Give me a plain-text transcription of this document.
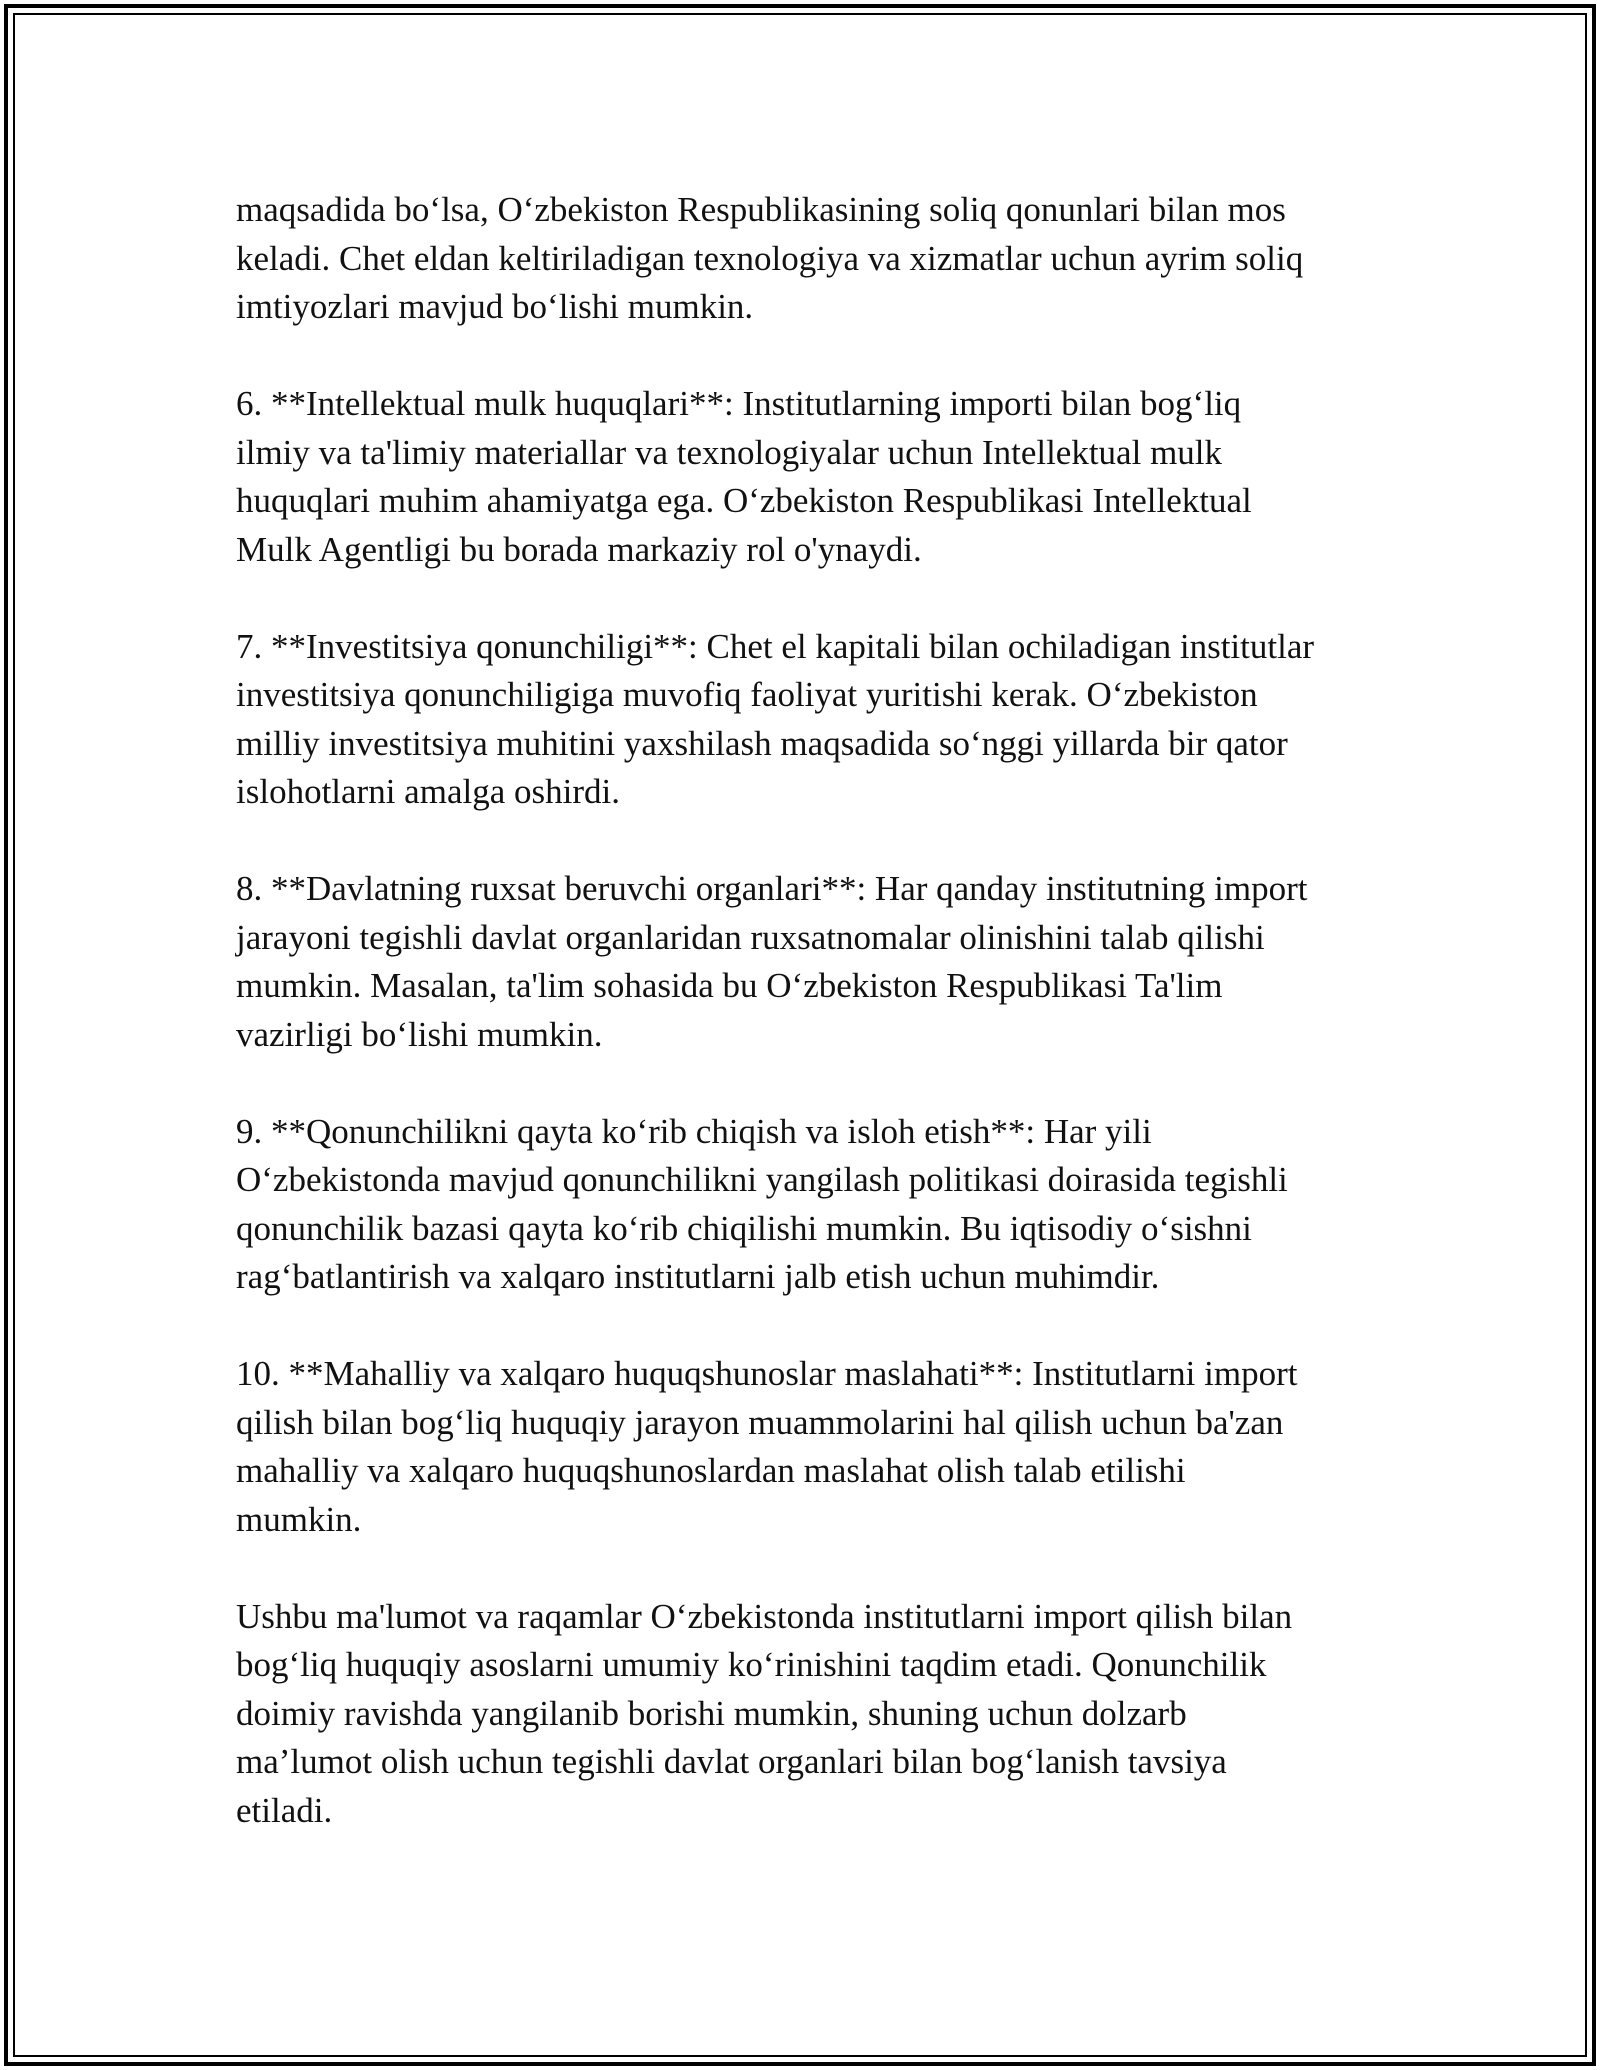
maqsadida bo‘lsa, O‘zbekiston Respublikasining soliq qonunlari bilan mos
keladi. Chet eldan keltiriladigan texnologiya va xizmatlar uchun ayrim soliq
imtiyozlari mavjud bo‘lishi mumkin.

6. **Intellektual mulk huquqlari**: Institutlarning importi bilan bog‘liq
ilmiy va ta'limiy materiallar va texnologiyalar uchun Intellektual mulk
huquqlari muhim ahamiyatga ega. O‘zbekiston Respublikasi Intellektual
Mulk Agentligi bu borada markaziy rol o'ynaydi.

7. **Investitsiya qonunchiligi**: Chet el kapitali bilan ochiladigan institutlar
investitsiya qonunchiligiga muvofiq faoliyat yuritishi kerak. O‘zbekiston
milliy investitsiya muhitini yaxshilash maqsadida so‘nggi yillarda bir qator
islohotlarni amalga oshirdi.

8. **Davlatning ruxsat beruvchi organlari**: Har qanday institutning import
jarayoni tegishli davlat organlaridan ruxsatnomalar olinishini talab qilishi
mumkin. Masalan, ta'lim sohasida bu O‘zbekiston Respublikasi Ta'lim
vazirligi bo‘lishi mumkin.

9. **Qonunchilikni qayta ko‘rib chiqish va isloh etish**: Har yili
O‘zbekistonda mavjud qonunchilikni yangilash politikasi doirasida tegishli
qonunchilik bazasi qayta ko‘rib chiqilishi mumkin. Bu iqtisodiy o‘sishni
rag‘batlantirish va xalqaro institutlarni jalb etish uchun muhimdir.

10. **Mahalliy va xalqaro huquqshunoslar maslahati**: Institutlarni import
qilish bilan bog‘liq huquqiy jarayon muammolarini hal qilish uchun ba'zan
mahalliy va xalqaro huquqshunoslardan maslahat olish talab etilishi
mumkin.

Ushbu ma'lumot va raqamlar O‘zbekistonda institutlarni import qilish bilan
bog‘liq huquqiy asoslarni umumiy ko‘rinishini taqdim etadi. Qonunchilik
doimiy ravishda yangilanib borishi mumkin, shuning uchun dolzarb
ma’lumot olish uchun tegishli davlat organlari bilan bog‘lanish tavsiya
etiladi.
